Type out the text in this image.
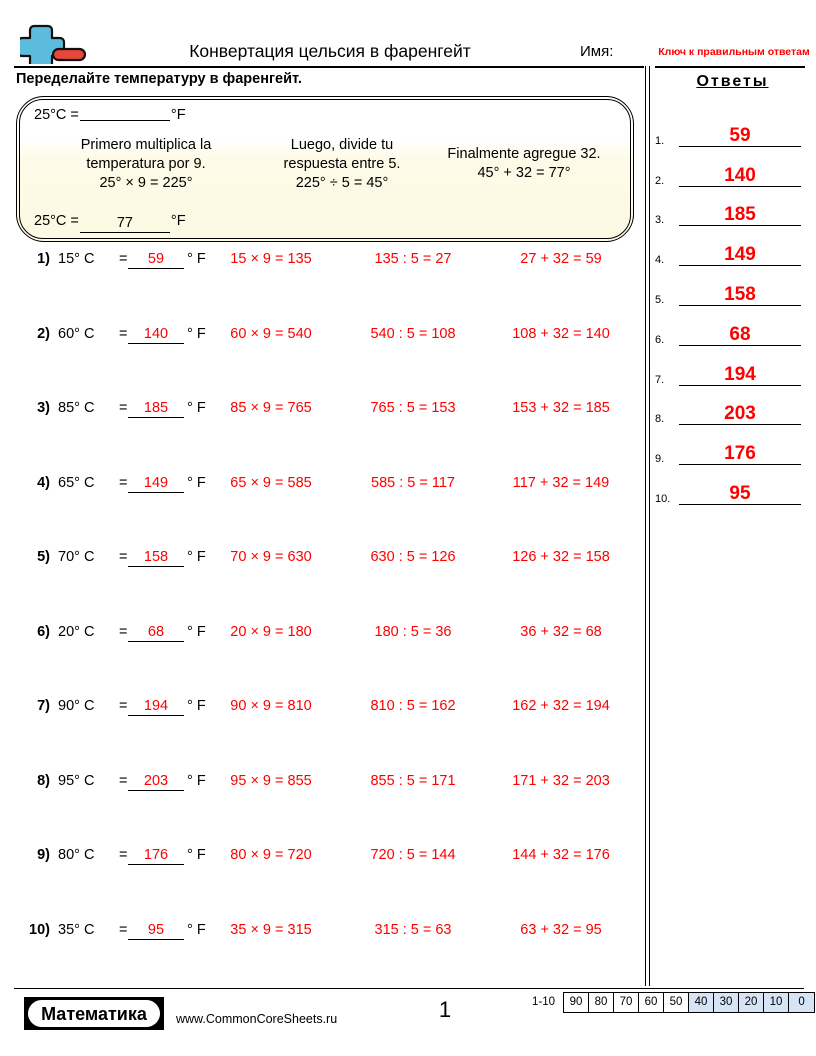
Конвертация цельсия в фаренгейт	Имя:	Ключ к правильным ответам
Переделайте температуру в фаренгейт.
25°C =	°F
Primero multiplica la
temperatura por 9.
25° × 9 = 225°
Luego, divide tu
respuesta entre 5.
225° ÷ 5 = 45°
Finalmente agregue 32.
45° + 32 = 77°
25°C =	77	°F
1) 15° C =	59	° F	15 × 9 = 135	135 : 5 = 27	27 + 32 = 59
2) 60° C =	140	° F	60 × 9 = 540	540 : 5 = 108	108 + 32 = 140
3) 85° C =	185	° F	85 × 9 = 765	765 : 5 = 153	153 + 32 = 185
4) 65° C =	149	° F	65 × 9 = 585	585 : 5 = 117	117 + 32 = 149
5) 70° C =	158	° F	70 × 9 = 630	630 : 5 = 126	126 + 32 = 158
6) 20° C =	68	° F	20 × 9 = 180	180 : 5 = 36	36 + 32 = 68
7) 90° C =	194	° F	90 × 9 = 810	810 : 5 = 162	162 + 32 = 194
8) 95° C =	203	° F	95 × 9 = 855	855 : 5 = 171	171 + 32 = 203
9) 80° C =	176	° F	80 × 9 = 720	720 : 5 = 144	144 + 32 = 176
10) 35° C =	95	° F	35 × 9 = 315	315 : 5 = 63	63 + 32 = 95
Ответы
1.	59
2.	140
3.	185
4.	149
5.	158
6.	68
7.	194
8.	203
9.	176
10.	95
Математика www.CommonCoreSheets.ru	1	1-10	90	80	70	60	50	40	30	20	10	0
